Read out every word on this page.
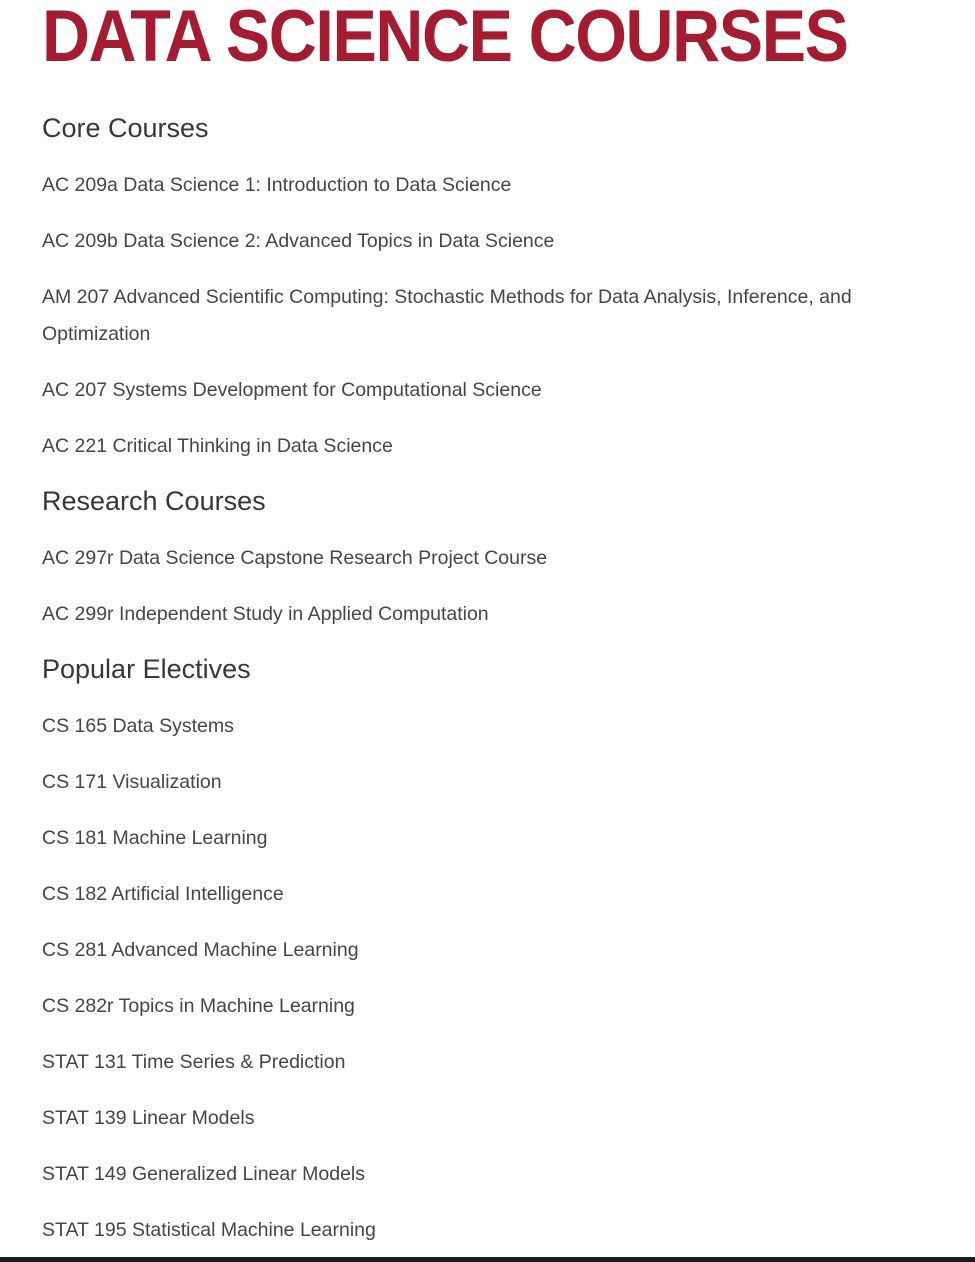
DATA SCIENCE COURSES
Core Courses

AC 209a Data Science 1: Introduction to Data Science

AC 209b Data Science 2: Advanced Topics in Data Science

AM 207 Advanced Scientific Computing: Stochastic Methods for Data Analysis, Inference, and Optimization

AC 207 Systems Development for Computational Science

AC 221 Critical Thinking in Data Science

Research Courses

AC 297r Data Science Capstone Research Project Course

AC 299r Independent Study in Applied Computation

Popular Electives

CS 165 Data Systems

CS 171 Visualization

CS 181 Machine Learning

CS 182 Artificial Intelligence

CS 281 Advanced Machine Learning

CS 282r Topics in Machine Learning

STAT 131 Time Series & Prediction

STAT 139 Linear Models

STAT 149 Generalized Linear Models

STAT 195 Statistical Machine Learning
